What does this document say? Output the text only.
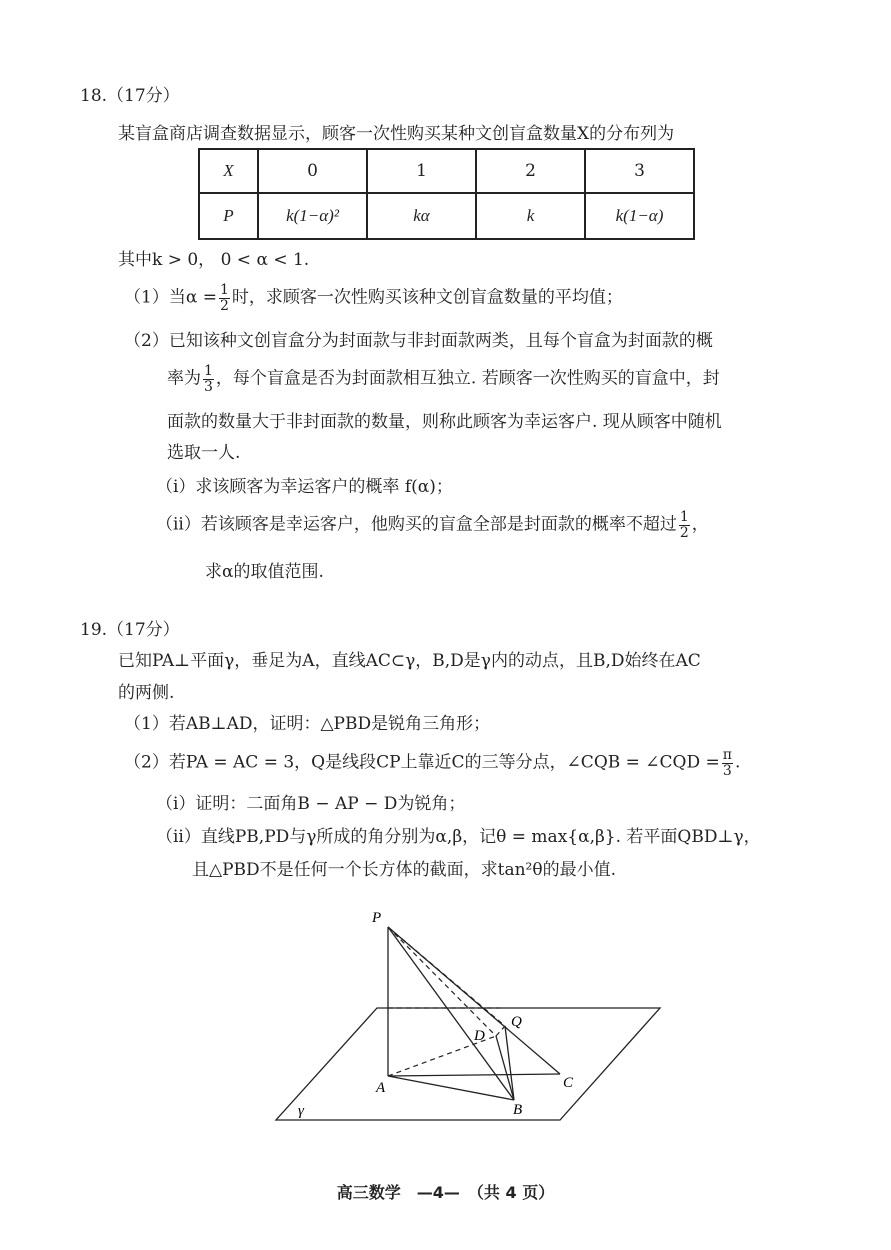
18.（17分）
某盲盒商店调查数据显示，顾客一次性购买某种文创盲盒数量X的分布列为
X	0	1	2	3
P	k(1−α)²	kα	k	k(1−α)
其中k > 0， 0 < α < 1.
（1）当$\alpha = \frac{1}{2}$ 时，求顾客一次性购买该种文创盲盒数量的平均值；
（2）已知该种文创盲盒分为封面款与非封面款两类，且每个盲盒为封面款的概
率为 $\frac{1}{3}$ ，每个盲盒是否为封面款相互独立. 若顾客一次性购买的盲盒中，封
面款的数量大于非封面款的数量，则称此顾客为幸运客户. 现从顾客中随机
选取一人.
（i）求该顾客为幸运客户的概率 f(α)；
（ii）若该顾客是幸运客户，他购买的盲盒全部是封面款的概率不超过 $\frac{1}{2}$ ，
求α的取值范围.
19.（17分）
已知PA⊥平面γ，垂足为A，直线AC⊂γ，B,D是γ内的动点，且B,D始终在AC
的两侧.
（1）若AB⊥AD，证明：△PBD是锐角三角形；
（2）若PA = AC = 3，Q是线段CP上靠近C的三等分点，∠CQB = ∠CQD = $\frac{\pi}{3}$ .
（i）证明：二面角B − AP − D为锐角；
（ii）直线PB,PD与γ所成的角分别为α,β，记θ = max{α,β}. 若平面QBD⊥γ，
且△PBD不是任何一个长方体的截面，求tan²θ的最小值.
P
Q
D
A
B
C
γ
高三数学　—4—　（共 4 页）
